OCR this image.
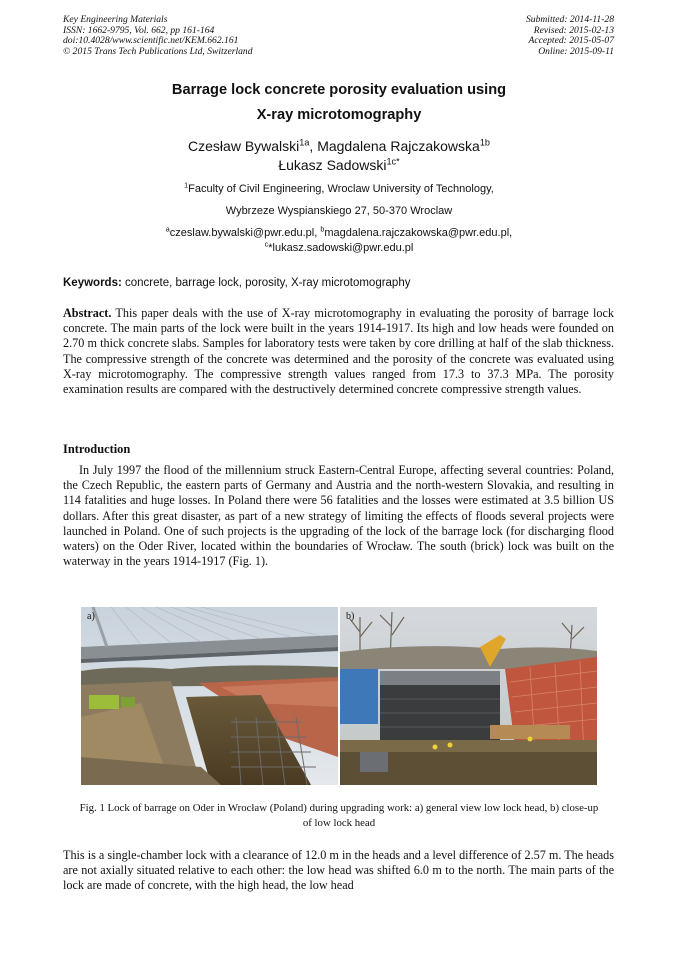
Key Engineering Materials
ISSN: 1662-9795, Vol. 662, pp 161-164
doi:10.4028/www.scientific.net/KEM.662.161
© 2015 Trans Tech Publications Ltd, Switzerland
Submitted: 2014-11-28
Revised: 2015-02-13
Accepted: 2015-05-07
Online: 2015-09-11
Barrage lock concrete porosity evaluation using
X-ray microtomography
Czesław Bywalski$^{1a}$, Magdalena Rajczakowska$^{1b}$
Łukasz Sadowski$^{1c*}$
$^1$Faculty of Civil Engineering, Wroclaw University of Technology,
Wybrzeze Wyspianskiego 27, 50-370 Wroclaw
$^a$czeslaw.bywalski@pwr.edu.pl, $^b$magdalena.rajczakowska@pwr.edu.pl,
$^c$*lukasz.sadowski@pwr.edu.pl
Keywords: concrete, barrage lock, porosity, X-ray microtomography

Abstract. This paper deals with the use of X-ray microtomography in evaluating the porosity of barrage lock concrete. The main parts of the lock were built in the years 1914-1917. Its high and low heads were founded on 2.70 m thick concrete slabs. Samples for laboratory tests were taken by core drilling at half of the slab thickness. The compressive strength of the concrete was determined and the porosity of the concrete was evaluated using X-ray microtomography. The compressive strength values ranged from 17.3 to 37.3 MPa. The porosity examination results are compared with the destructively determined concrete compressive strength values.

Introduction

In July 1997 the flood of the millennium struck Eastern-Central Europe, affecting several countries: Poland, the Czech Republic, the eastern parts of Germany and Austria and the north-western Slovakia, and resulting in 114 fatalities and huge losses. In Poland there were 56 fatalities and the losses were estimated at 3.5 billion US dollars. After this great disaster, as part of a new strategy of limiting the effects of floods several projects were launched in Poland. One of such projects is the upgrading of the lock of the barrage lock (for discharging flood waters) on the Oder River, located within the boundaries of Wrocław. The south (brick) lock was built on the waterway in the years 1914-1917 (Fig. 1).

a)	b)
Fig. 1 Lock of barrage on Oder in Wrocław (Poland) during upgrading work: a) general view low lock head, b) close-up of low lock head

This is a single-chamber lock with a clearance of 12.0 m in the heads and a level difference of 2.57 m. The heads are not axially situated relative to each other: the low head was shifted 6.0 m to the north. The main parts of the lock are made of concrete, with the high head, the low head
